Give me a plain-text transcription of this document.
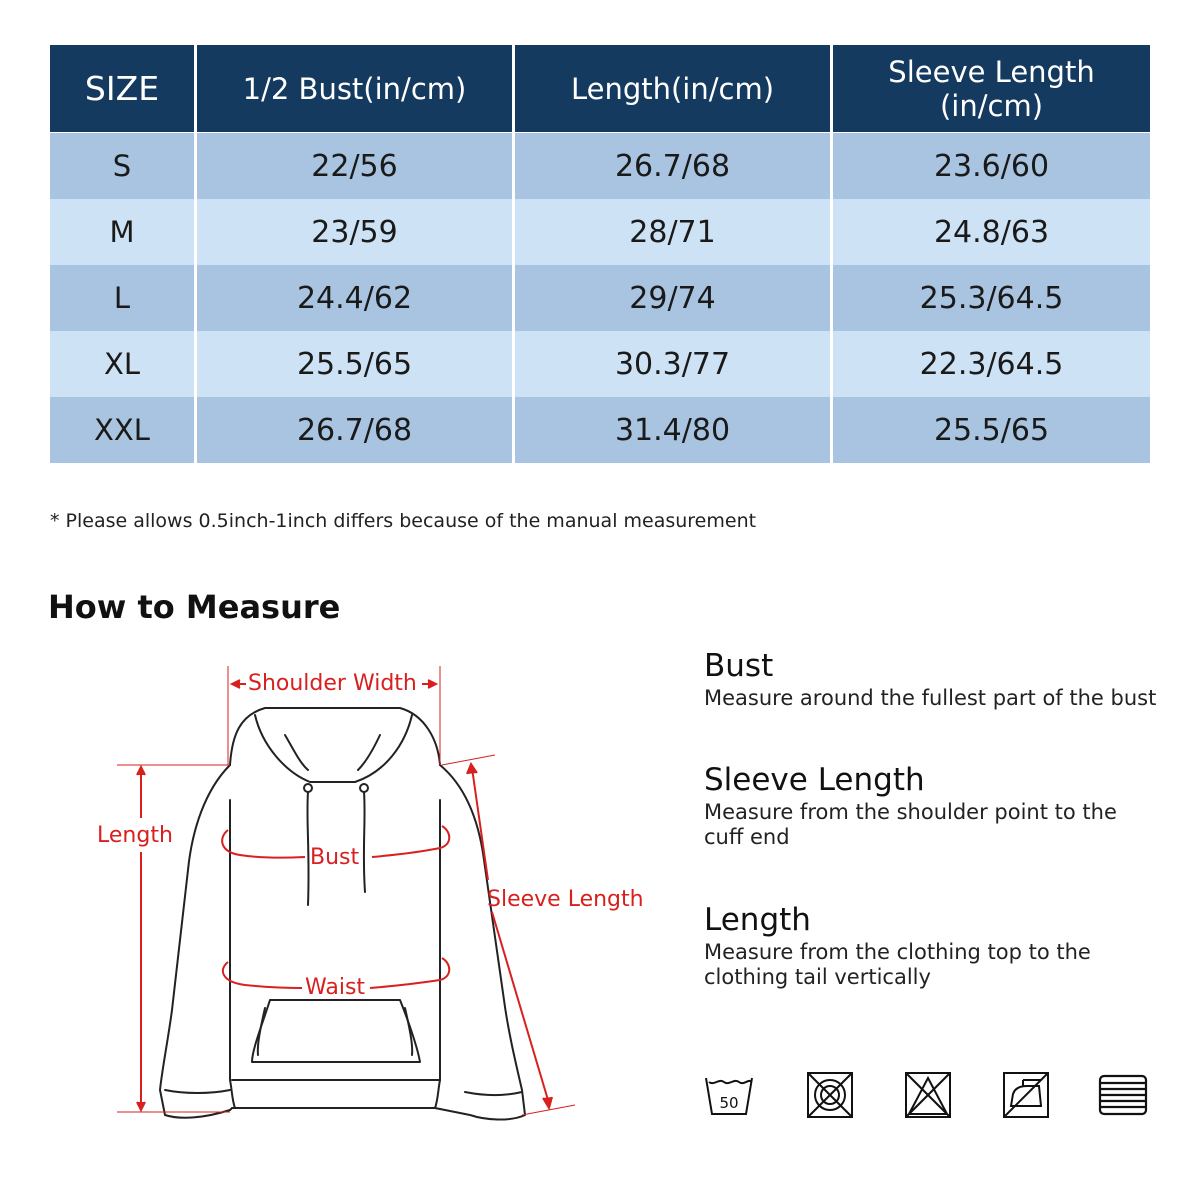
SIZE	1/2 Bust(in/cm)	Length(in/cm)	Sleeve Length
(in/cm)
S	22/56	26.7/68	23.6/60
M	23/59	28/71	24.8/63
L	24.4/62	29/74	25.3/64.5
XL	25.5/65	30.3/77	22.3/64.5
XXL	26.7/68	31.4/80	25.5/65
* Please allows 0.5inch-1inch differs because of the manual measurement
How to Measure
Shoulder Width
Length
Bust
Sleeve Length
Waist
Bust
Measure around the fullest part of the bust
Sleeve Length
Measure from the shoulder point to the cuff end
Length
Measure from the clothing top to the clothing tail vertically
50
